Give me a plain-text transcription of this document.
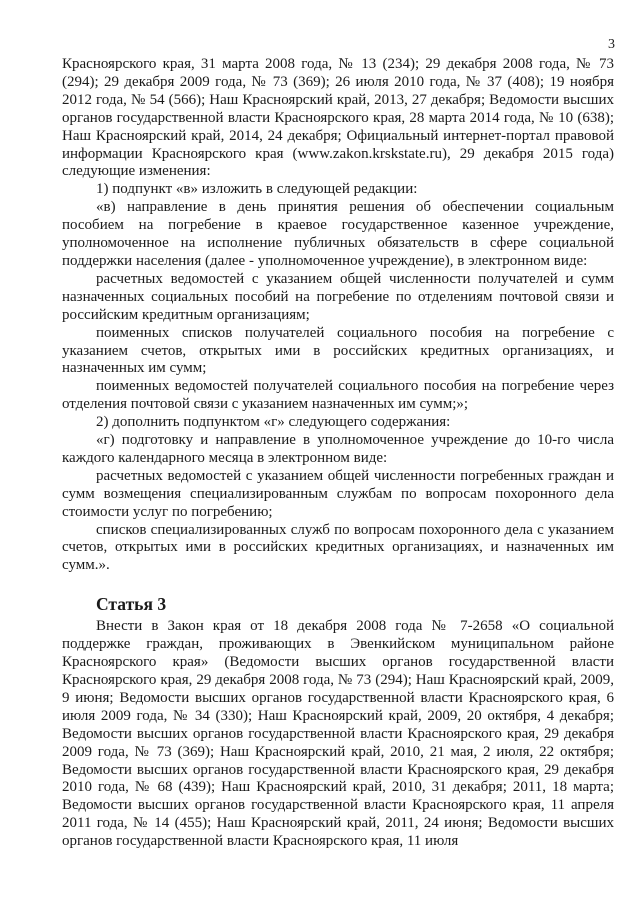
3

Красноярского края, 31 марта 2008 года, № 13 (234); 29 декабря 2008 года, № 73 (294); 29 декабря 2009 года, № 73 (369); 26 июля 2010 года, № 37 (408); 19 ноября 2012 года, № 54 (566); Наш Красноярский край, 2013, 27 декабря; Ведомости высших органов государственной власти Красноярского края, 28 марта 2014 года, № 10 (638); Наш Красноярский край, 2014, 24 декабря; Официальный интернет-портал правовой информации Красноярского края (www.zakon.krskstate.ru), 29 декабря 2015 года) следующие изменения:

1) подпункт «в» изложить в следующей редакции:

«в) направление в день принятия решения об обеспечении социальным пособием на погребение в краевое государственное казенное учреждение, уполномоченное на исполнение публичных обязательств в сфере социальной поддержки населения (далее - уполномоченное учреждение), в электронном виде:

расчетных ведомостей с указанием общей численности получателей и сумм назначенных социальных пособий на погребение по отделениям почтовой связи и российским кредитным организациям;

поименных списков получателей социального пособия на погребение с указанием счетов, открытых ими в российских кредитных организациях, и назначенных им сумм;

поименных ведомостей получателей социального пособия на погребение через отделения почтовой связи с указанием назначенных им сумм;»;

2) дополнить подпунктом «г» следующего содержания:

«г) подготовку и направление в уполномоченное учреждение до 10-го числа каждого календарного месяца в электронном виде:

расчетных ведомостей с указанием общей численности погребенных граждан и сумм возмещения специализированным службам по вопросам похоронного дела стоимости услуг по погребению;

списков специализированных служб по вопросам похоронного дела с указанием счетов, открытых ими в российских кредитных организациях, и назначенных им сумм.».

Статья 3

Внести в Закон края от 18 декабря 2008 года № 7-2658 «О социальной поддержке граждан, проживающих в Эвенкийском муниципальном районе Красноярского края» (Ведомости высших органов государственной власти Красноярского края, 29 декабря 2008 года, № 73 (294); Наш Красноярский край, 2009, 9 июня; Ведомости высших органов государственной власти Красноярского края, 6 июля 2009 года, № 34 (330); Наш Красноярский край, 2009, 20 октября, 4 декабря; Ведомости высших органов государственной власти Красноярского края, 29 декабря 2009 года, № 73 (369); Наш Красноярский край, 2010, 21 мая, 2 июля, 22 октября; Ведомости высших органов государственной власти Красноярского края, 29 декабря 2010 года, № 68 (439); Наш Красноярский край, 2010, 31 декабря; 2011, 18 марта; Ведомости высших органов государственной власти Красноярского края, 11 апреля 2011 года, № 14 (455); Наш Красноярский край, 2011, 24 июня; Ведомости высших органов государственной власти Красноярского края, 11 июля
